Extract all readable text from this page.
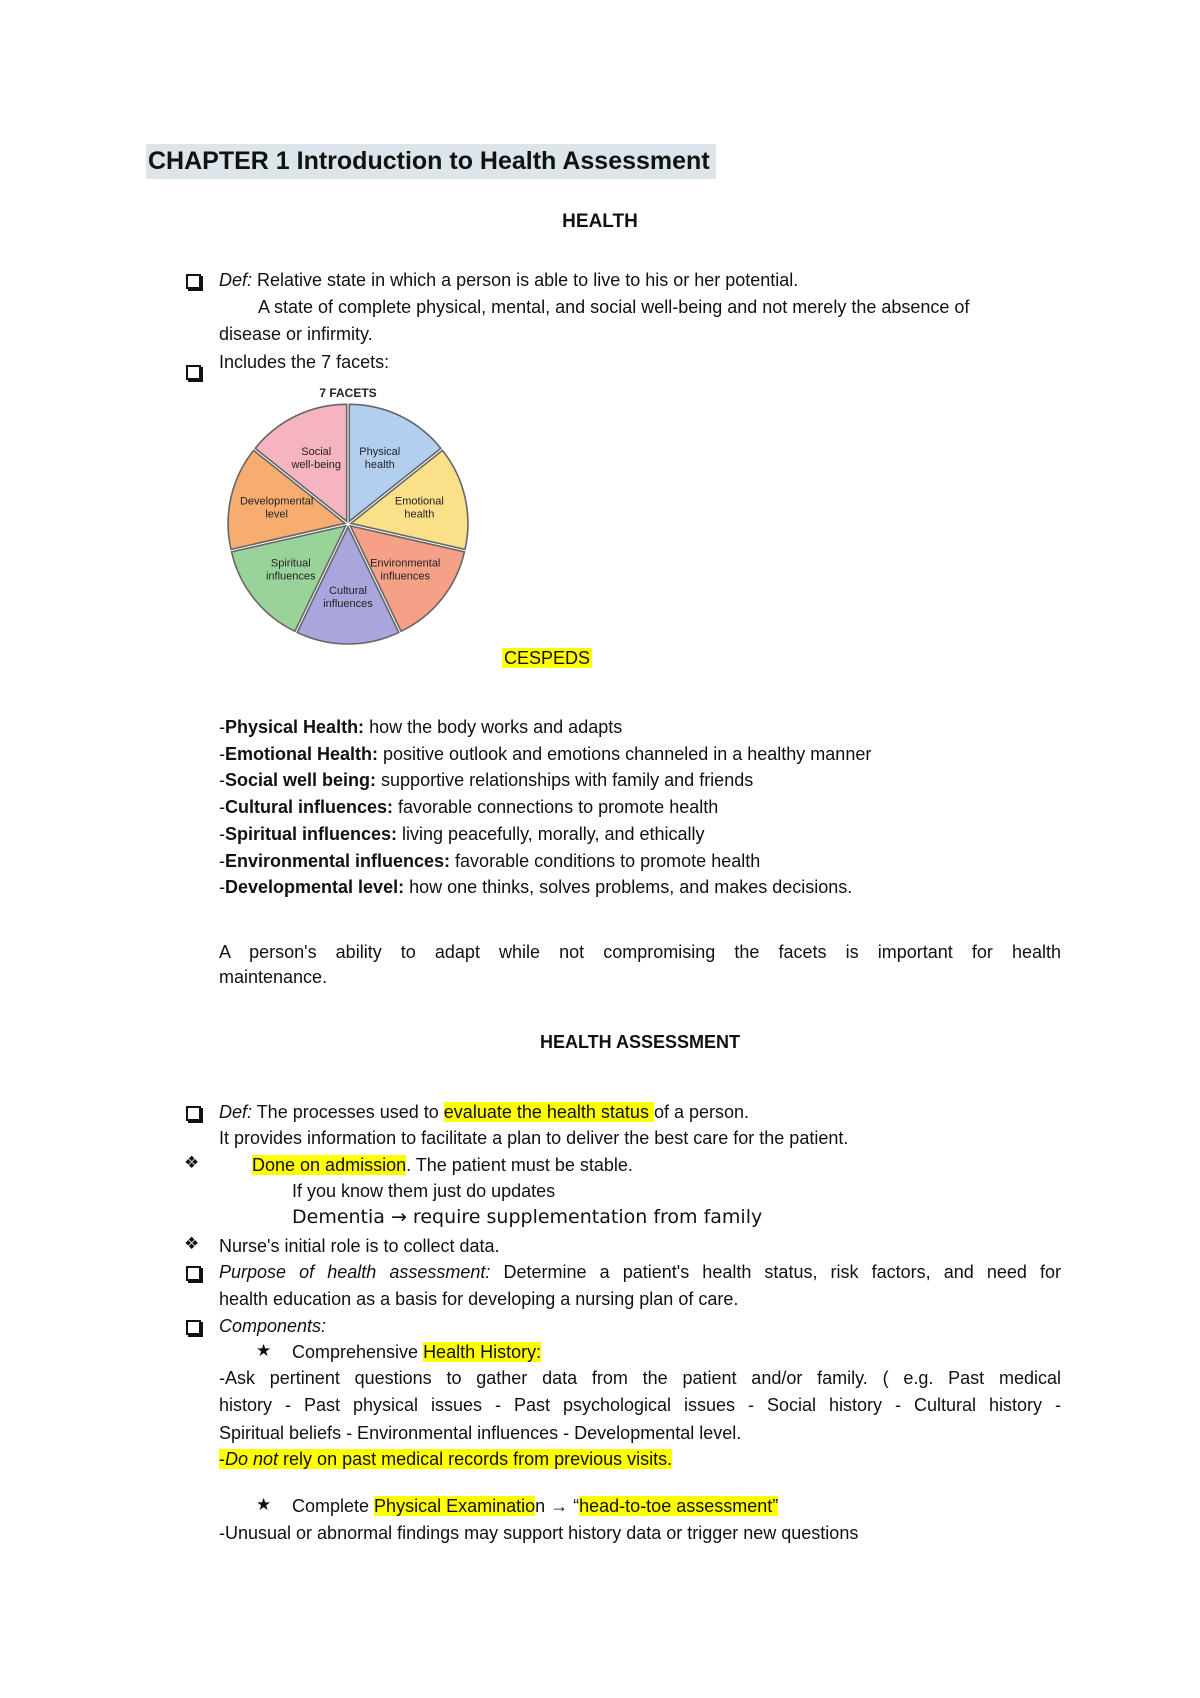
CHAPTER 1 Introduction to Health Assessment
HEALTH
Def: Relative state in which a person is able to live to his or her potential.
A state of complete physical, mental, and social well-being and not merely the absence of
disease or infirmity.
Includes the 7 facets:
7 FACETS
Physical health
Emotional health
Environmental influences
Cultural influences
Spiritual influences
Developmental level
Social well-being
CESPEDS
-Physical Health: how the body works and adapts
-Emotional Health: positive outlook and emotions channeled in a healthy manner
-Social well being: supportive relationships with family and friends
-Cultural influences: favorable connections to promote health
-Spiritual influences: living peacefully, morally, and ethically
-Environmental influences: favorable conditions to promote health
-Developmental level: how one thinks, solves problems, and makes decisions.
A person's ability to adapt while not compromising the facets is important for health
maintenance.
HEALTH ASSESSMENT
Def: The processes used to evaluate the health status of a person.
It provides information to facilitate a plan to deliver the best care for the patient.
❖	Done on admission. The patient must be stable.
If you know them just do updates
Dementia → require supplementation from family
❖ Nurse's initial role is to collect data.
Purpose of health assessment: Determine a patient's health status, risk factors, and need for
health education as a basis for developing a nursing plan of care.
Components:
★ Comprehensive Health History:
-Ask pertinent questions to gather data from the patient and/or family. ( e.g. Past medical
history - Past physical issues - Past psychological issues - Social history - Cultural history -
Spiritual beliefs - Environmental influences - Developmental level.
-Do not rely on past medical records from previous visits.
★ Complete Physical Examination → “head-to-toe assessment”
-Unusual or abnormal findings may support history data or trigger new questions
